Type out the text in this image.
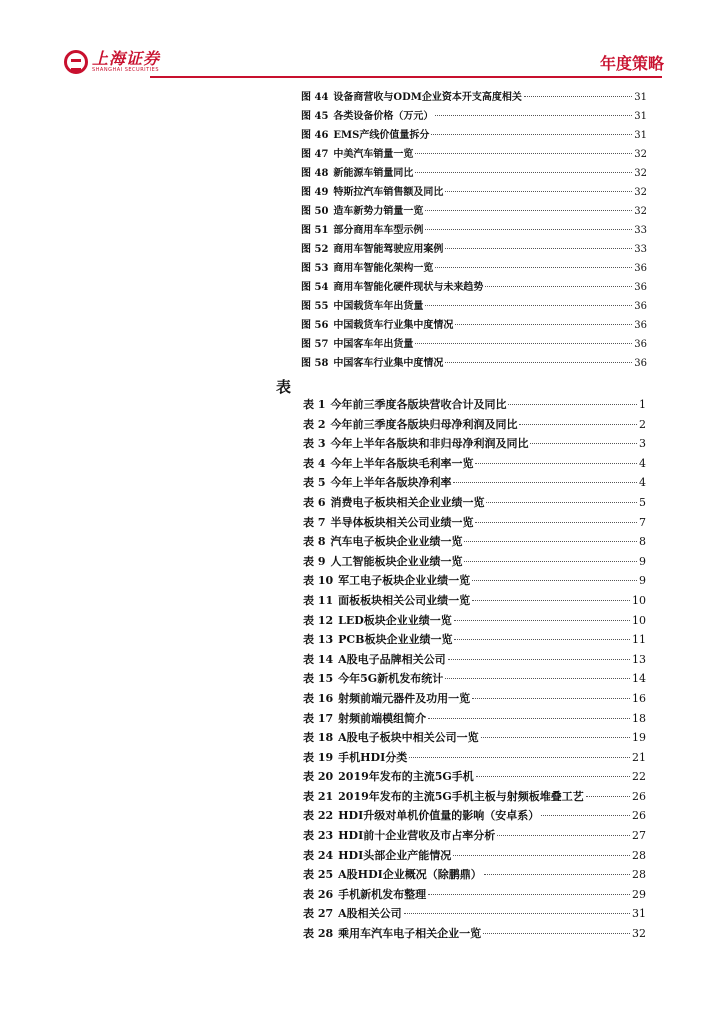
上海证券
SHANGHAI SECURITIES	年度策略
图 44 设备商营收与ODM企业资本开支高度相关	31
图 45 各类设备价格（万元）	31
图 46 EMS产线价值量拆分	31
图 47 中美汽车销量一览	32
图 48 新能源车销量同比	32
图 49 特斯拉汽车销售额及同比	32
图 50 造车新势力销量一览	32
图 51 部分商用车车型示例	33
图 52 商用车智能驾驶应用案例	33
图 53 商用车智能化架构一览	36
图 54 商用车智能化硬件现状与未来趋势	36
图 55 中国载货车年出货量	36
图 56 中国载货车行业集中度情况	36
图 57 中国客车年出货量	36
图 58 中国客车行业集中度情况	36
表
表 1 今年前三季度各版块营收合计及同比	1
表 2 今年前三季度各版块归母净利润及同比	2
表 3 今年上半年各版块和非归母净利润及同比	3
表 4 今年上半年各版块毛利率一览	4
表 5 今年上半年各版块净利率	4
表 6 消费电子板块相关企业业绩一览	5
表 7 半导体板块相关公司业绩一览	7
表 8 汽车电子板块企业业绩一览	8
表 9 人工智能板块企业业绩一览	9
表 10 军工电子板块企业业绩一览	9
表 11 面板板块相关公司业绩一览	10
表 12 LED板块企业业绩一览	10
表 13 PCB板块企业业绩一览	11
表 14 A股电子品牌相关公司	13
表 15 今年5G新机发布统计	14
表 16 射频前端元器件及功用一览	16
表 17 射频前端模组简介	18
表 18 A股电子板块中相关公司一览	19
表 19 手机HDI分类	21
表 20 2019年发布的主流5G手机	22
表 21 2019年发布的主流5G手机主板与射频板堆叠工艺	26
表 22 HDI升级对单机价值量的影响（安卓系）	26
表 23 HDI前十企业营收及市占率分析	27
表 24 HDI头部企业产能情况	28
表 25 A股HDI企业概况（除鹏鼎）	28
表 26 手机新机发布整理	29
表 27 A股相关公司	31
表 28 乘用车汽车电子相关企业一览	32
